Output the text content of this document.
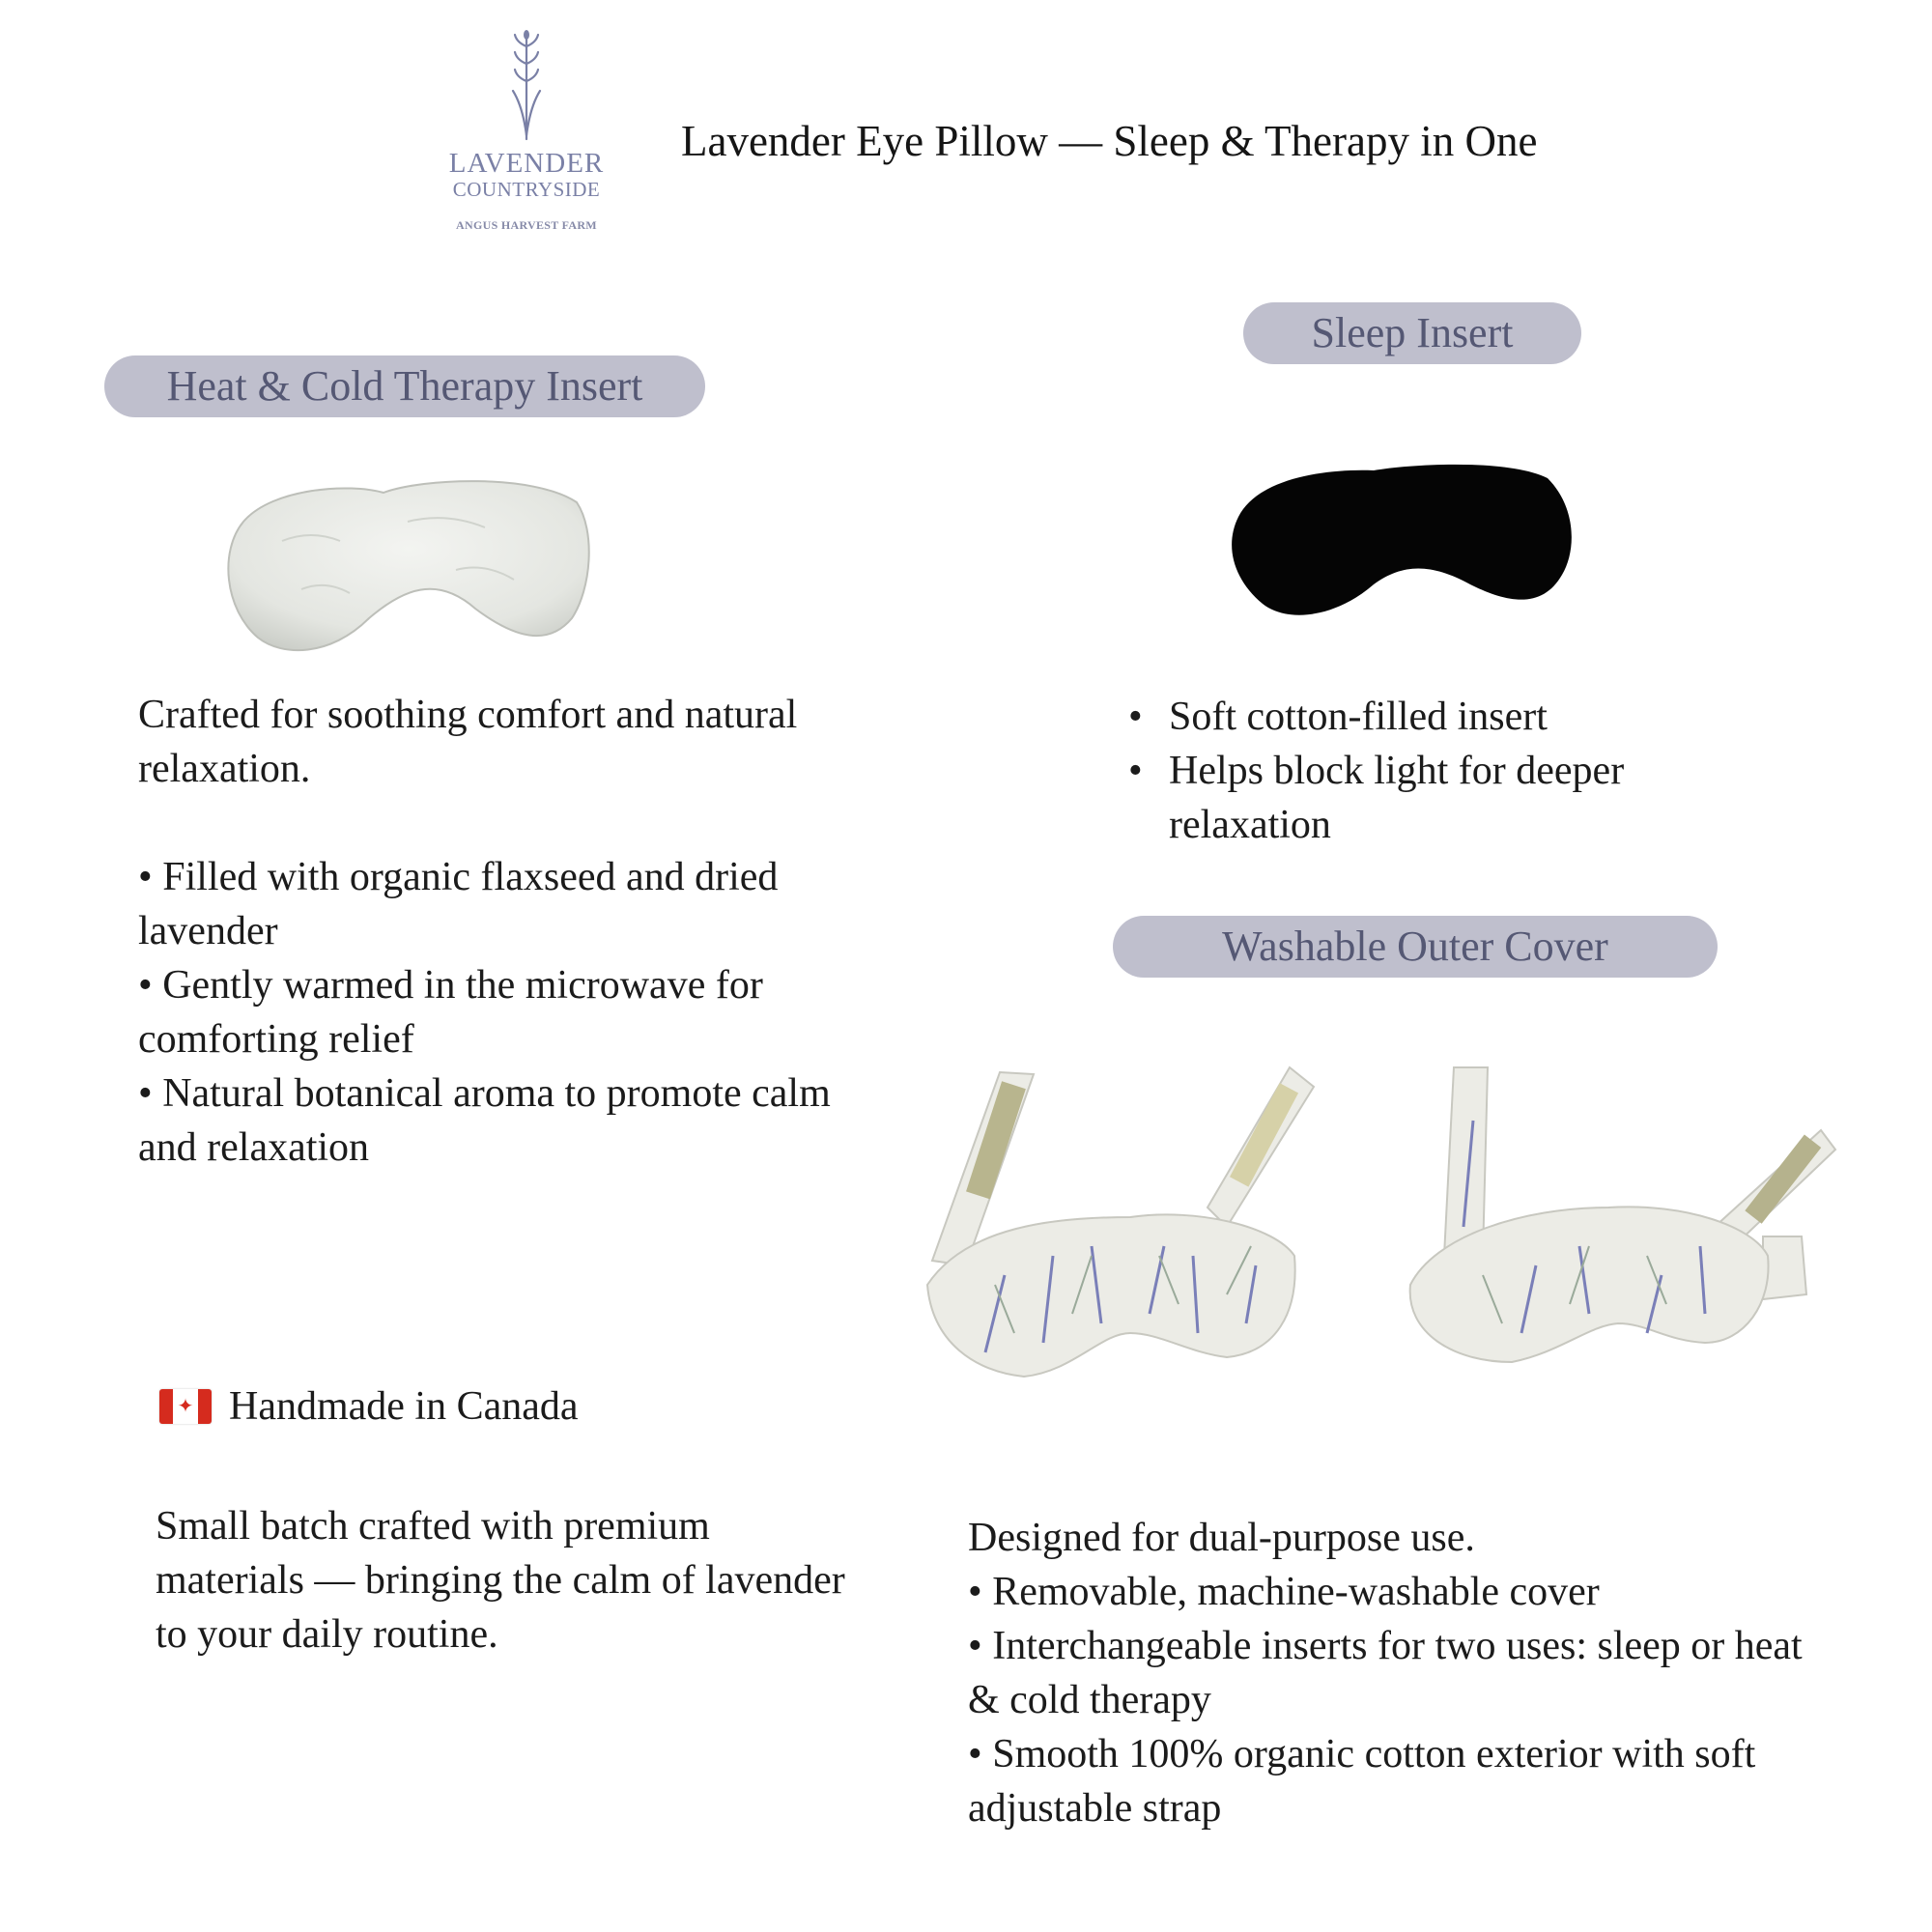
LAVENDER
COUNTRYSIDE
ANGUS HARVEST FARM
Lavender Eye Pillow — Sleep & Therapy in One
Heat & Cold Therapy Insert
Crafted for soothing comfort and natural relaxation.
• Filled with organic flaxseed and dried lavender
• Gently warmed in the microwave for comforting relief
• Natural botanical aroma to promote calm and relaxation
Sleep Insert
• Soft cotton-filled insert
• Helps block light for deeper relaxation
Washable Outer Cover
✦ Handmade in Canada
Small batch crafted with premium materials — bringing the calm of lavender to your daily routine.
Designed for dual-purpose use.
• Removable, machine-washable cover
• Interchangeable inserts for two uses: sleep or heat & cold therapy
• Smooth 100% organic cotton exterior with soft adjustable strap
